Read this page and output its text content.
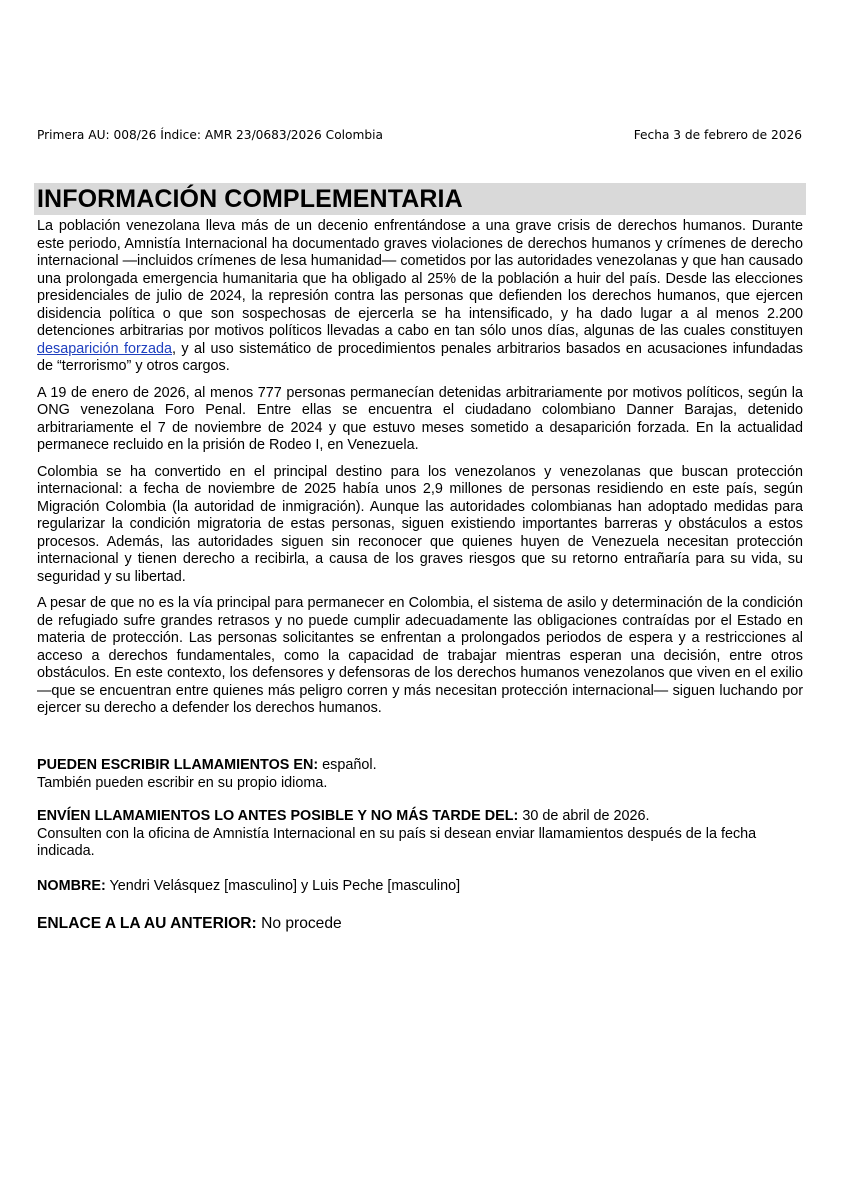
Primera AU: 008/26 Índice: AMR 23/0683/2026 Colombia	Fecha 3 de febrero de 2026
INFORMACIÓN COMPLEMENTARIA

La población venezolana lleva más de un decenio enfrentándose a una grave crisis de derechos humanos. Durante este periodo, Amnistía Internacional ha documentado graves violaciones de derechos humanos y crímenes de derecho internacional —incluidos crímenes de lesa humanidad— cometidos por las autoridades venezolanas y que han causado una prolongada emergencia humanitaria que ha obligado al 25% de la población a huir del país. Desde las elecciones presidenciales de julio de 2024, la represión contra las personas que defienden los derechos humanos, que ejercen disidencia política o que son sospechosas de ejercerla se ha intensificado, y ha dado lugar a al menos 2.200 detenciones arbitrarias por motivos políticos llevadas a cabo en tan sólo unos días, algunas de las cuales constituyen desaparición forzada, y al uso sistemático de procedimientos penales arbitrarios basados en acusaciones infundadas de “terrorismo” y otros cargos.

A 19 de enero de 2026, al menos 777 personas permanecían detenidas arbitrariamente por motivos políticos, según la ONG venezolana Foro Penal. Entre ellas se encuentra el ciudadano colombiano Danner Barajas, detenido arbitrariamente el 7 de noviembre de 2024 y que estuvo meses sometido a desaparición forzada. En la actualidad permanece recluido en la prisión de Rodeo I, en Venezuela.

Colombia se ha convertido en el principal destino para los venezolanos y venezolanas que buscan protección internacional: a fecha de noviembre de 2025 había unos 2,9 millones de personas residiendo en este país, según Migración Colombia (la autoridad de inmigración). Aunque las autoridades colombianas han adoptado medidas para regularizar la condición migratoria de estas personas, siguen existiendo importantes barreras y obstáculos a estos procesos. Además, las autoridades siguen sin reconocer que quienes huyen de Venezuela necesitan protección internacional y tienen derecho a recibirla, a causa de los graves riesgos que su retorno entrañaría para su vida, su seguridad y su libertad.

A pesar de que no es la vía principal para permanecer en Colombia, el sistema de asilo y determinación de la condición de refugiado sufre grandes retrasos y no puede cumplir adecuadamente las obligaciones contraídas por el Estado en materia de protección. Las personas solicitantes se enfrentan a prolongados periodos de espera y a restricciones al acceso a derechos fundamentales, como la capacidad de trabajar mientras esperan una decisión, entre otros obstáculos. En este contexto, los defensores y defensoras de los derechos humanos venezolanos que viven en el exilio —que se encuentran entre quienes más peligro corren y más necesitan protección internacional— siguen luchando por ejercer su derecho a defender los derechos humanos.

PUEDEN ESCRIBIR LLAMAMIENTOS EN: español.
También pueden escribir en su propio idioma.
ENVÍEN LLAMAMIENTOS LO ANTES POSIBLE Y NO MÁS TARDE DEL: 30 de abril de 2026.
Consulten con la oficina de Amnistía Internacional en su país si desean enviar llamamientos después de la fecha indicada.
NOMBRE: Yendri Velásquez [masculino] y Luis Peche [masculino]
ENLACE A LA AU ANTERIOR: No procede
